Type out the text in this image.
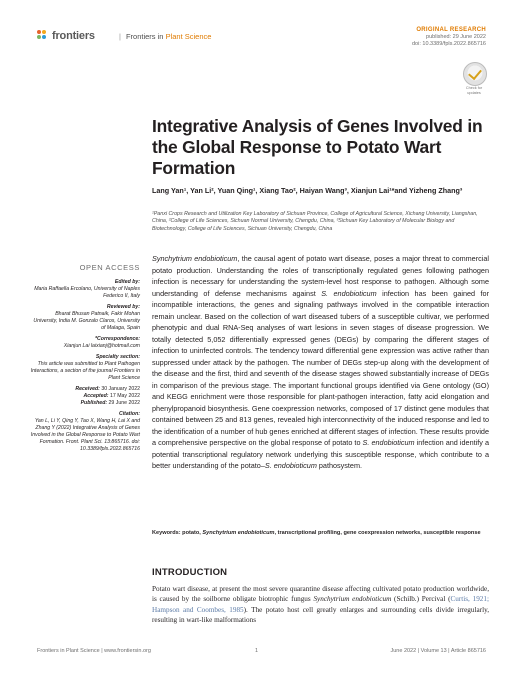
frontiers	| Frontiers in Plant Science
ORIGINAL RESEARCH
published: 29 June 2022
doi: 10.3389/fpls.2022.865716
Check for
updates
Integrative Analysis of Genes Involved in the Global Response to Potato Wart Formation
Lang Yan¹, Yan Li², Yuan Qing¹, Xiang Tao², Haiyan Wang³, Xianjun Lai¹*and Yizheng Zhang³
¹Panxi Crops Research and Utilization Key Laboratory of Sichuan Province, College of Agricultural Science, Xichang University, Liangshan, China, ²College of Life Sciences, Sichuan Normal University, Chengdu, China, ³Sichuan Key Laboratory of Molecular Biology and Biotechnology, College of Life Sciences, Sichuan University, Chengdu, China
Synchytrium endobioticum, the causal agent of potato wart disease, poses a major threat to commercial potato production. Understanding the roles of transcriptionally regulated genes following pathogen infection is necessary for understanding the system-level host response to pathogen. Although some understanding of defense mechanisms against S. endobioticum infection has been gained for incompatible interactions, the genes and signaling pathways involved in the compatible interaction remain unclear. Based on the collection of wart diseased tubers of a susceptible cultivar, we performed phenotypic and dual RNA-Seq analyses of wart lesions in seven stages of disease progression. We totally detected 5,052 differentially expressed genes (DEGs) by comparing the different stages of infection to uninfected controls. The tendency toward differential gene expression was active rather than suppressed under attack by the pathogen. The number of DEGs step-up along with the development of the disease and the first, third and seventh of the disease stages showed substantially increase of DEGs in comparison of the previous stage. The important functional groups identified via Gene ontology (GO) and KEGG enrichment were those responsible for plant-pathogen interaction, fatty acid elongation and phenylpropanoid biosynthesis. Gene coexpression networks, composed of 17 distinct gene modules that contained between 25 and 813 genes, revealed high interconnectivity of the induced response and led to the identification of a number of hub genes enriched at different stages of infection. These results provide a comprehensive perspective on the global response of potato to S. endobioticum infection and identify a potential transcriptional regulatory network underlying this susceptible response, which contribute to a better understanding of the potato–S. endobioticum pathosystem.
Keywords: potato, Synchytrium endobioticum, transcriptional profiling, gene coexpression networks, susceptible response
OPEN ACCESS
Edited by:
Maria Raffaella Ercolano, University of Naples Federico II, Italy
Reviewed by:
Bharat Bhusan Patnaik, Fakir Mohan University, India M. Gonzalo Claros, University of Malaga, Spain
*Correspondence:
Xianjun Lai laixianj@hotmail.com
Specialty section:
This article was submitted to Plant Pathogen Interactions, a section of the journal Frontiers in Plant Science
Received: 30 January 2022
Accepted: 17 May 2022
Published: 29 June 2022
Citation:
Yan L, Li Y, Qing Y, Tao X, Wang H, Lai X and Zhang Y (2022) Integrative Analysis of Genes Involved in the Global Response to Potato Wart Formation. Front. Plant Sci. 13:865716. doi: 10.3389/fpls.2022.865716
INTRODUCTION
Potato wart disease, at present the most severe quarantine disease affecting cultivated potato production worldwide, is caused by the soilborne obligate biotrophic fungus Synchytrium endobioticum (Schilb.) Percival (Curtis, 1921; Hampson and Coombes, 1985). The potato host cell greatly enlarges and surrounding cells divide irregularly, resulting in wart-like malformations
Frontiers in Plant Science | www.frontiersin.org	1	June 2022 | Volume 13 | Article 865716
